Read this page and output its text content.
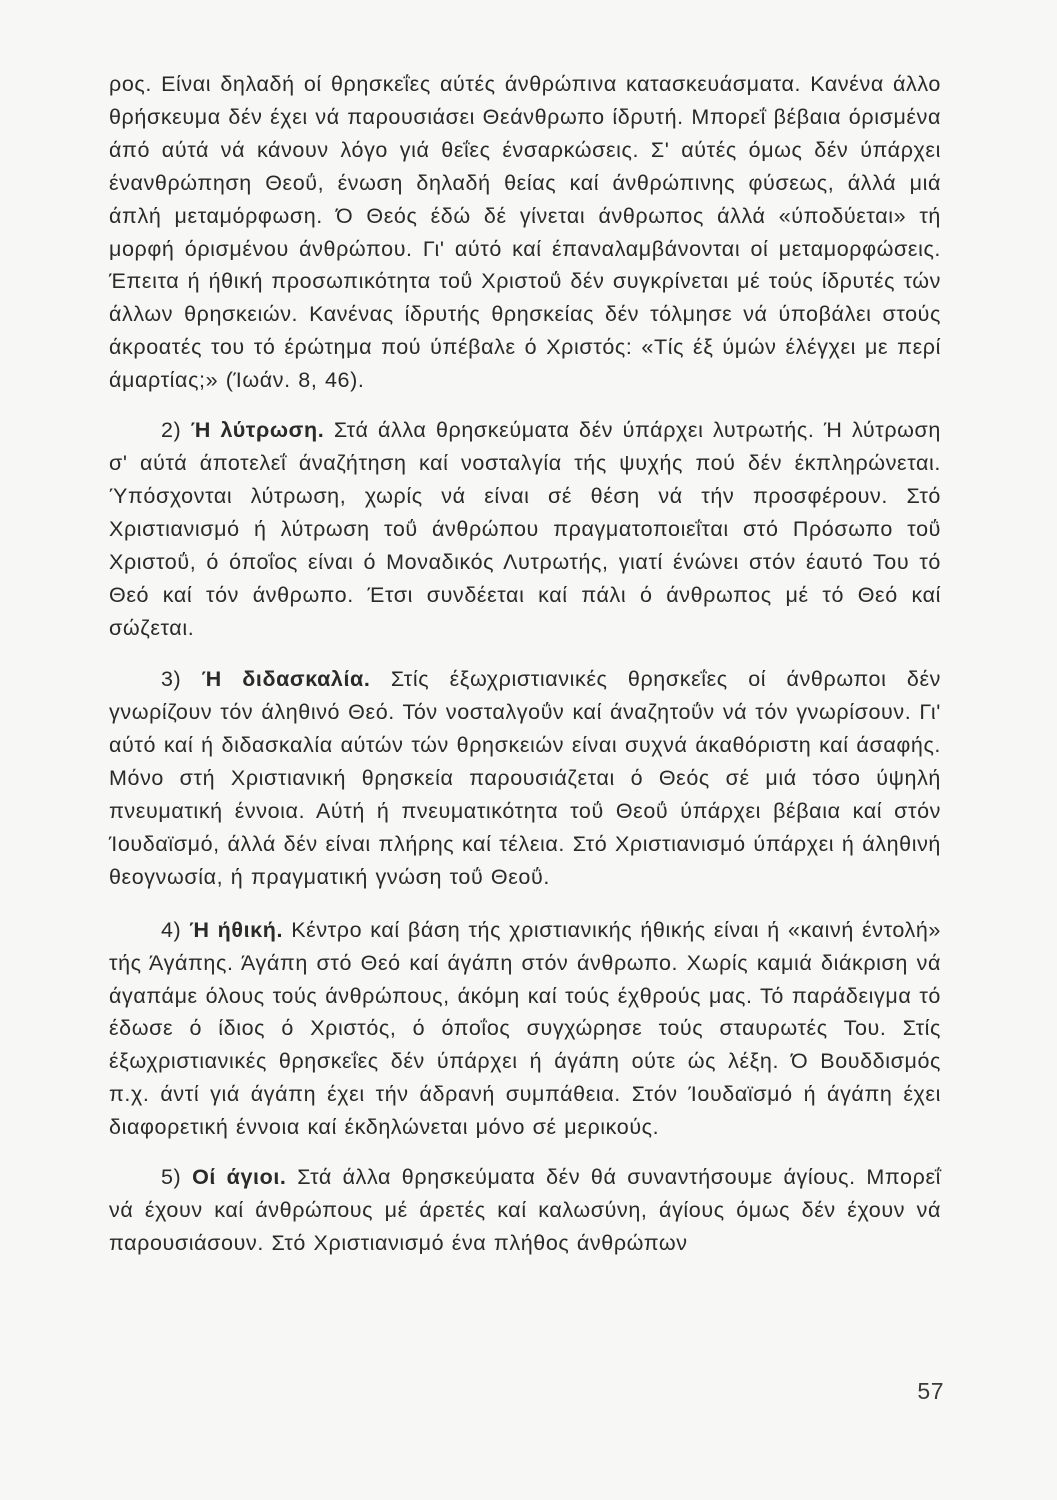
ρος. Είναι δηλαδή οί θρησκεΐες αύτές άνθρώπινα κατασκευάσματα. Κανένα άλλο θρήσκευμα δέν έχει νά παρουσιάσει Θεάνθρωπο ίδρυτή. Μπορεΐ βέβαια όρισμένα άπό αύτά νά κάνουν λόγο γιά θεΐες ένσαρκώσεις. Σ' αύτές όμως δέν ύπάρχει ένανθρώπηση Θεοΰ, ένωση δηλαδή θείας καί άνθρώπινης φύσεως, άλλά μιά άπλή μεταμόρφωση. Ό Θεός έδώ δέ γίνεται άνθρωπος άλλά «ύποδύεται» τή μορφή όρισμένου άνθρώπου. Γι' αύτό καί έπαναλαμβάνονται οί μεταμορφώσεις. Έπειτα ή ήθική προσωπικότητα τοΰ Χριστοΰ δέν συγκρίνεται μέ τούς ίδρυτές τών άλλων θρησκειών. Κανένας ίδρυτής θρησκείας δέν τόλμησε νά ύποβάλει στούς άκροατές του τό έρώτημα πού ύπέβαλε ό Χριστός: «Τίς έξ ύμών έλέγχει με περί άμαρτίας;» (Ίωάν. 8, 46).

2) Ή λύτρωση. Στά άλλα θρησκεύματα δέν ύπάρχει λυτρωτής. Ή λύτρωση σ' αύτά άποτελεΐ άναζήτηση καί νοσταλγία τής ψυχής πού δέν έκπληρώνεται. Ύπόσχονται λύτρωση, χωρίς νά είναι σέ θέση νά τήν προσφέρουν. Στό Χριστιανισμό ή λύτρωση τοΰ άνθρώπου πραγματοποιεΐται στό Πρόσωπο τοΰ Χριστοΰ, ό όποΐος είναι ό Μοναδικός Λυτρωτής, γιατί ένώνει στόν έαυτό Του τό Θεό καί τόν άνθρωπο. Έτσι συνδέεται καί πάλι ό άνθρωπος μέ τό Θεό καί σώζεται.

3) Ή διδασκαλία. Στίς έξωχριστιανικές θρησκεΐες οί άνθρωποι δέν γνωρίζουν τόν άληθινό Θεό. Τόν νοσταλγοΰν καί άναζητοΰν νά τόν γνωρίσουν. Γι' αύτό καί ή διδασκαλία αύτών τών θρησκειών είναι συχνά άκαθόριστη καί άσαφής. Μόνο στή Χριστιανική θρησκεία παρουσιάζεται ό Θεός σέ μιά τόσο ύψηλή πνευματική έννοια. Αύτή ή πνευματικότητα τοΰ Θεοΰ ύπάρχει βέβαια καί στόν Ίουδαϊσμό, άλλά δέν είναι πλήρης καί τέλεια. Στό Χριστιανισμό ύπάρχει ή άληθινή θεογνωσία, ή πραγματική γνώση τοΰ Θεοΰ.

4) Ή ήθική. Κέντρο καί βάση τής χριστιανικής ήθικής είναι ή «καινή έντολή» τής Άγάπης. Άγάπη στό Θεό καί άγάπη στόν άνθρωπο. Χωρίς καμιά διάκριση νά άγαπάμε όλους τούς άνθρώπους, άκόμη καί τούς έχθρούς μας. Τό παράδειγμα τό έδωσε ό ίδιος ό Χριστός, ό όποΐος συγχώρησε τούς σταυρωτές Του. Στίς έξωχριστιανικές θρησκεΐες δέν ύπάρχει ή άγάπη ούτε ώς λέξη. Ό Βουδδισμός π.χ. άντί γιά άγάπη έχει τήν άδρανή συμπάθεια. Στόν Ίουδαϊσμό ή άγάπη έχει διαφορετική έννοια καί έκδηλώνεται μόνο σέ μερικούς.

5) Οί άγιοι. Στά άλλα θρησκεύματα δέν θά συναντήσουμε άγίους. Μπορεΐ νά έχουν καί άνθρώπους μέ άρετές καί καλωσύνη, άγίους όμως δέν έχουν νά παρουσιάσουν. Στό Χριστιανισμό ένα πλήθος άνθρώπων

57
